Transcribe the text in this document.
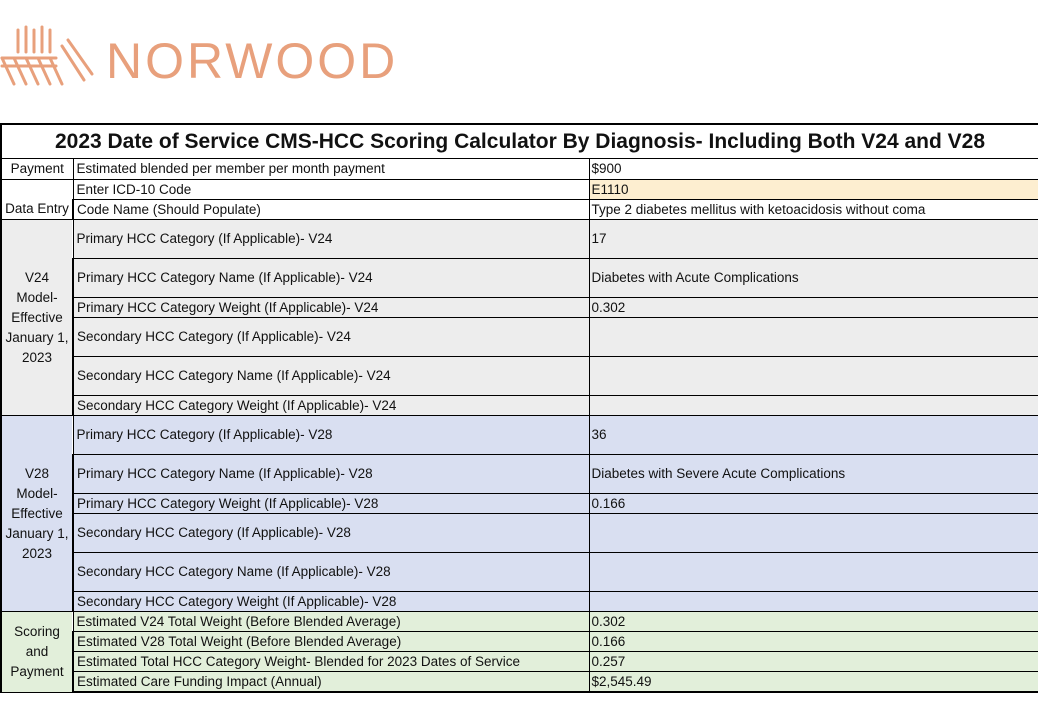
NORWOOD
2023 Date of Service CMS-HCC Scoring Calculator By Diagnosis- Including Both V24 and V28		
Payment	Estimated blended per member per month payment	$900
Data Entry	Enter ICD-10 Code	E1110
	Code Name (Should Populate)	Type 2 diabetes mellitus with ketoacidosis without coma
V24 Model- Effective January 1, 2023	Primary HCC Category (If Applicable)- V24	17
	Primary HCC Category Name (If Applicable)- V24	Diabetes with Acute Complications
	Primary HCC Category Weight (If Applicable)- V24	0.302
	Secondary HCC Category (If Applicable)- V24	
	Secondary HCC Category Name (If Applicable)- V24	
	Secondary HCC Category Weight (If Applicable)- V24	
V28 Model- Effective January 1, 2023	Primary HCC Category (If Applicable)- V28	36
	Primary HCC Category Name (If Applicable)- V28	Diabetes with Severe Acute Complications
	Primary HCC Category Weight (If Applicable)- V28	0.166
	Secondary HCC Category (If Applicable)- V28	
	Secondary HCC Category Name (If Applicable)- V28	
	Secondary HCC Category Weight (If Applicable)- V28	
Scoring and Payment	Estimated V24 Total Weight (Before Blended Average)	0.302
	Estimated V28 Total Weight (Before Blended Average)	0.166
	Estimated Total HCC Category Weight- Blended for 2023 Dates of Service	0.257
	Estimated Care Funding Impact (Annual)	$2,545.49
